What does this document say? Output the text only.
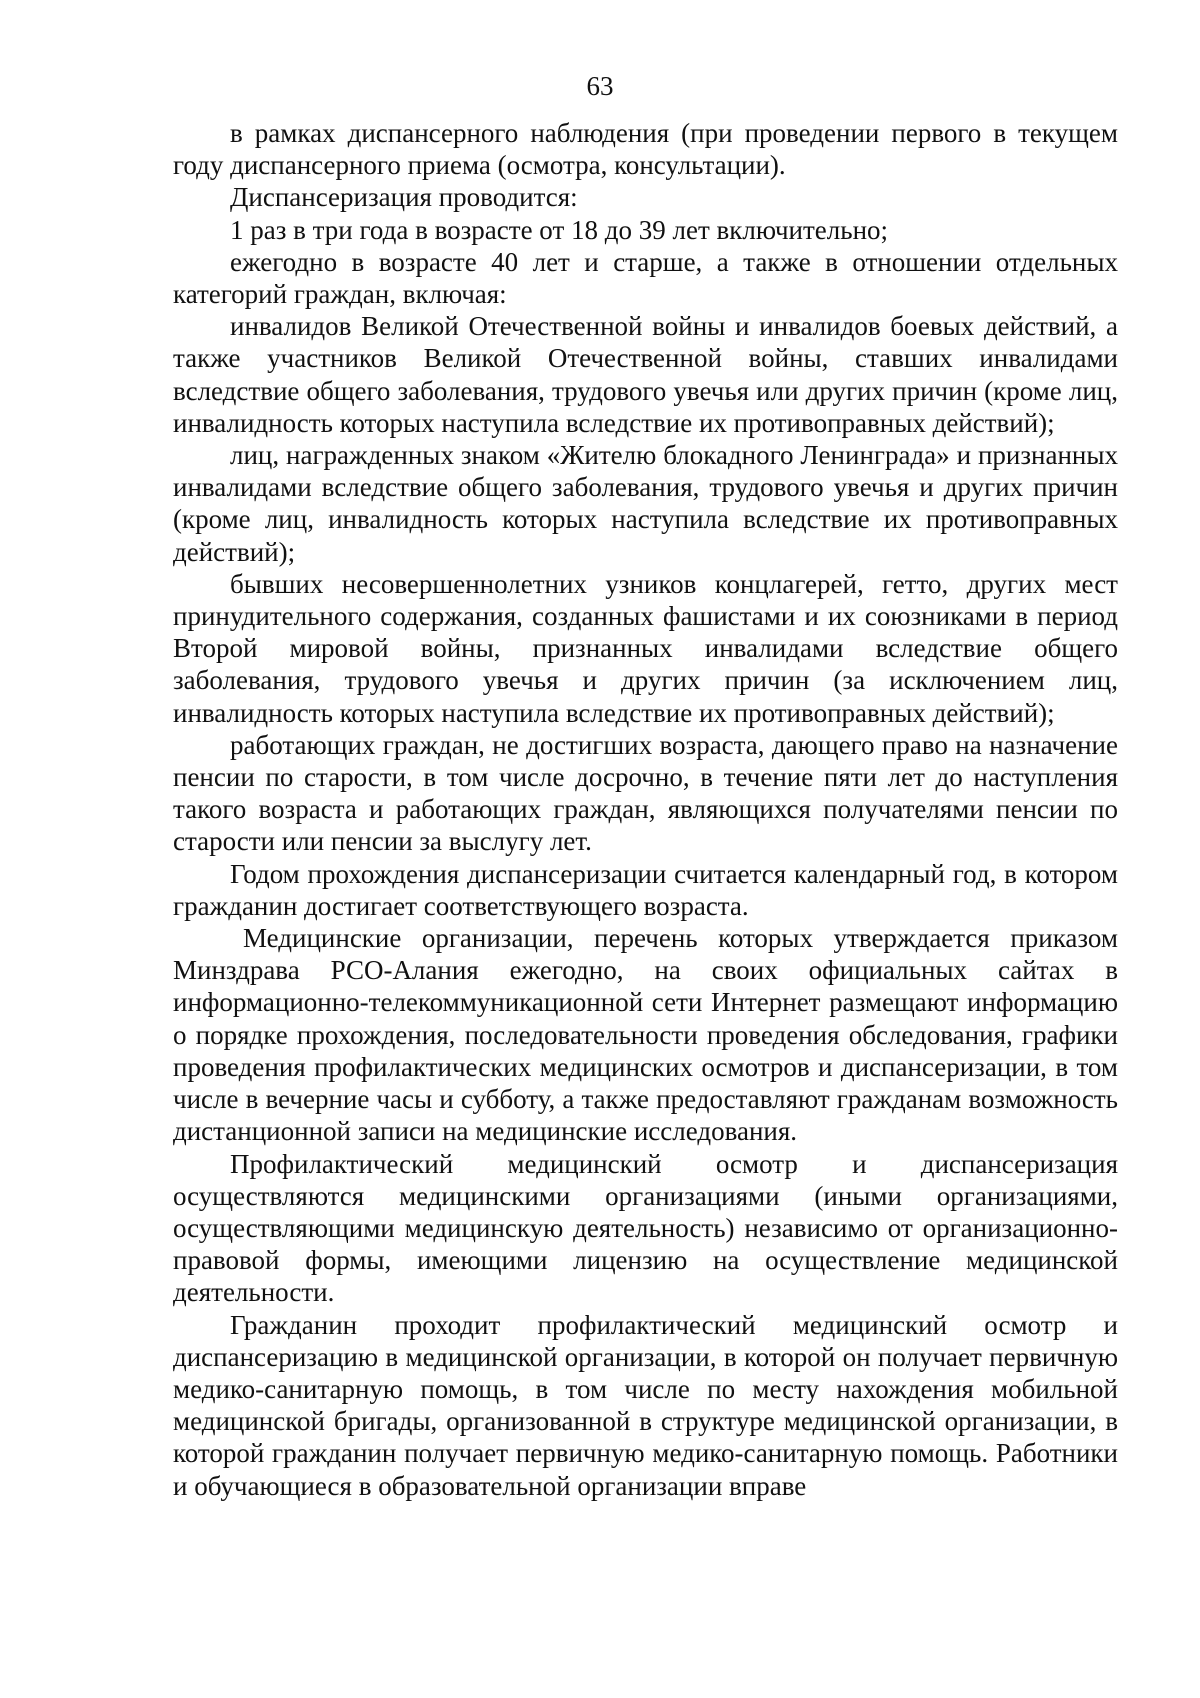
63

в рамках диспансерного наблюдения (при проведении первого в текущем году диспансерного приема (осмотра, консультации).

Диспансеризация проводится:

1 раз в три года в возрасте от 18 до 39 лет включительно;

ежегодно в возрасте 40 лет и старше, а также в отношении отдельных категорий граждан, включая:

инвалидов Великой Отечественной войны и инвалидов боевых действий, а также участников Великой Отечественной войны, ставших инвалидами вследствие общего заболевания, трудового увечья или других причин (кроме лиц, инвалидность которых наступила вследствие их противоправных действий);

лиц, награжденных знаком «Жителю блокадного Ленинграда» и признанных инвалидами вследствие общего заболевания, трудового увечья и других причин (кроме лиц, инвалидность которых наступила вследствие их противоправных действий);

бывших несовершеннолетних узников концлагерей, гетто, других мест принудительного содержания, созданных фашистами и их союзниками в период Второй мировой войны, признанных инвалидами вследствие общего заболевания, трудового увечья и других причин (за исключением лиц, инвалидность которых наступила вследствие их противоправных действий);

работающих граждан, не достигших возраста, дающего право на назначение пенсии по старости, в том числе досрочно, в течение пяти лет до наступления такого возраста и работающих граждан, являющихся получателями пенсии по старости или пенсии за выслугу лет.

Годом прохождения диспансеризации считается календарный год, в котором гражданин достигает соответствующего возраста.

Медицинские организации, перечень которых утверждается приказом Минздрава РСО-Алания ежегодно, на своих официальных сайтах в информационно-телекоммуникационной сети Интернет размещают информацию о порядке прохождения, последовательности проведения обследования, графики проведения профилактических медицинских осмотров и диспансеризации, в том числе в вечерние часы и субботу, а также предоставляют гражданам возможность дистанционной записи на медицинские исследования.

Профилактический медицинский осмотр и диспансеризация осуществляются медицинскими организациями (иными организациями, осуществляющими медицинскую деятельность) независимо от организационно-правовой формы, имеющими лицензию на осуществление медицинской деятельности.

Гражданин проходит профилактический медицинский осмотр и диспансеризацию в медицинской организации, в которой он получает первичную медико-санитарную помощь, в том числе по месту нахождения мобильной медицинской бригады, организованной в структуре медицинской организации, в которой гражданин получает первичную медико-санитарную помощь. Работники и обучающиеся в образовательной организации вправе
